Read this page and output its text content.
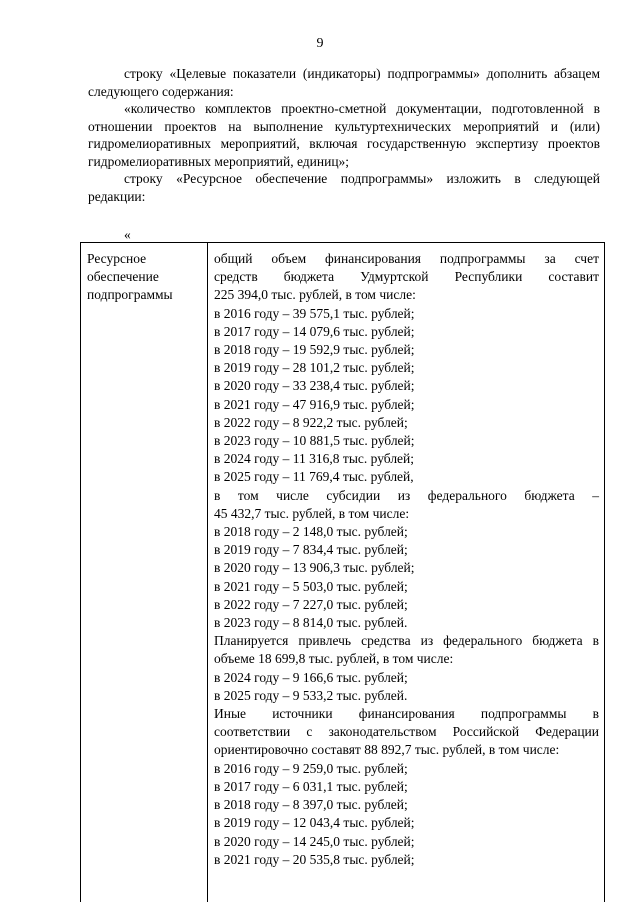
9

строку «Целевые показатели (индикаторы) подпрограммы» дополнить абзацем следующего содержания:

«количество комплектов проектно-сметной документации, подготовленной в отношении проектов на выполнение культуртехнических мероприятий и (или) гидромелиоративных мероприятий, включая государственную экспертизу проектов гидромелиоративных мероприятий, единиц»;

строку «Ресурсное обеспечение подпрограммы» изложить в следующей редакции:

«
Ресурсное
обеспечение
подпрограммы
общий объем финансирования подпрограммы за счет
средств бюджета Удмуртской Республики составит
225 394,0 тыс. рублей, в том числе:
в 2016 году – 39 575,1 тыс. рублей;
в 2017 году – 14 079,6 тыс. рублей;
в 2018 году – 19 592,9 тыс. рублей;
в 2019 году – 28 101,2 тыс. рублей;
в 2020 году – 33 238,4 тыс. рублей;
в 2021 году – 47 916,9 тыс. рублей;
в 2022 году – 8 922,2 тыс. рублей;
в 2023 году – 10 881,5 тыс. рублей;
в 2024 году – 11 316,8 тыс. рублей;
в 2025 году – 11 769,4 тыс. рублей,
в том числе субсидии из федерального бюджета –
45 432,7 тыс. рублей, в том числе:
в 2018 году – 2 148,0 тыс. рублей;
в 2019 году – 7 834,4 тыс. рублей;
в 2020 году – 13 906,3 тыс. рублей;
в 2021 году – 5 503,0 тыс. рублей;
в 2022 году – 7 227,0 тыс. рублей;
в 2023 году – 8 814,0 тыс. рублей.
Планируется привлечь средства из федерального бюджета в
объеме 18 699,8 тыс. рублей, в том числе:
в 2024 году – 9 166,6 тыс. рублей;
в 2025 году – 9 533,2 тыс. рублей.
Иные источники финансирования подпрограммы в
соответствии с законодательством Российской Федерации
ориентировочно составят 88 892,7 тыс. рублей, в том числе:
в 2016 году – 9 259,0 тыс. рублей;
в 2017 году – 6 031,1 тыс. рублей;
в 2018 году – 8 397,0 тыс. рублей;
в 2019 году – 12 043,4 тыс. рублей;
в 2020 году – 14 245,0 тыс. рублей;
в 2021 году – 20 535,8 тыс. рублей;
